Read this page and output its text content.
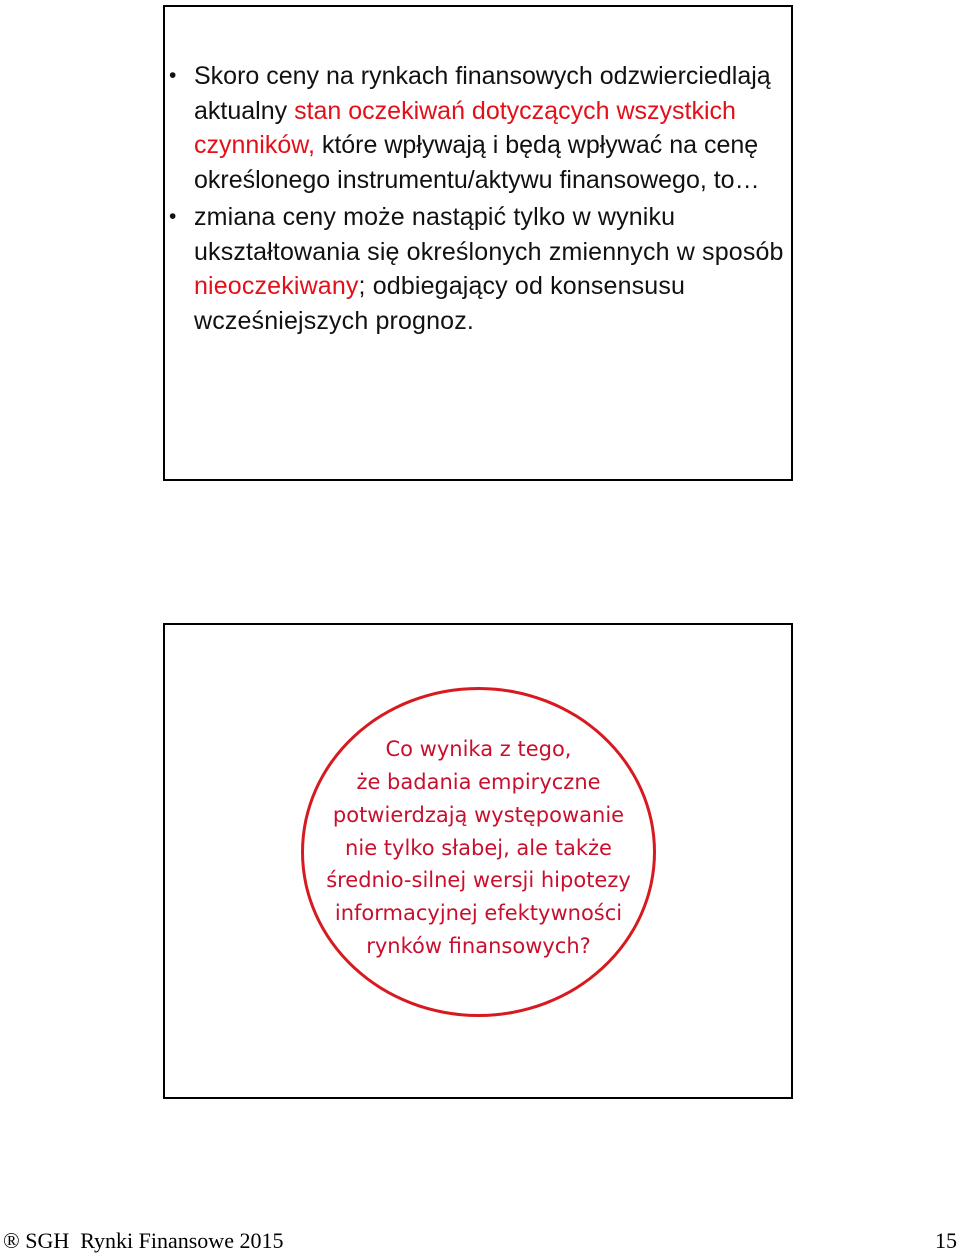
• Skoro ceny na rynkach finansowych odzwierciedlają aktualny stan oczekiwań dotyczących wszystkich czynników, które wpływają i będą wpływać na cenę określonego instrumentu/aktywu finansowego, to…
• zmiana ceny może nastąpić tylko w wyniku ukształtowania się określonych zmiennych w sposób nieoczekiwany; odbiegający od konsensusu wcześniejszych prognoz.
Co wynika z tego,
że badania empiryczne
potwierdzają występowanie
nie tylko słabej, ale także
średnio-silnej wersji hipotezy
informacyjnej efektywności
rynków finansowych?
® SGH  Rynki Finansowe 2015	15
